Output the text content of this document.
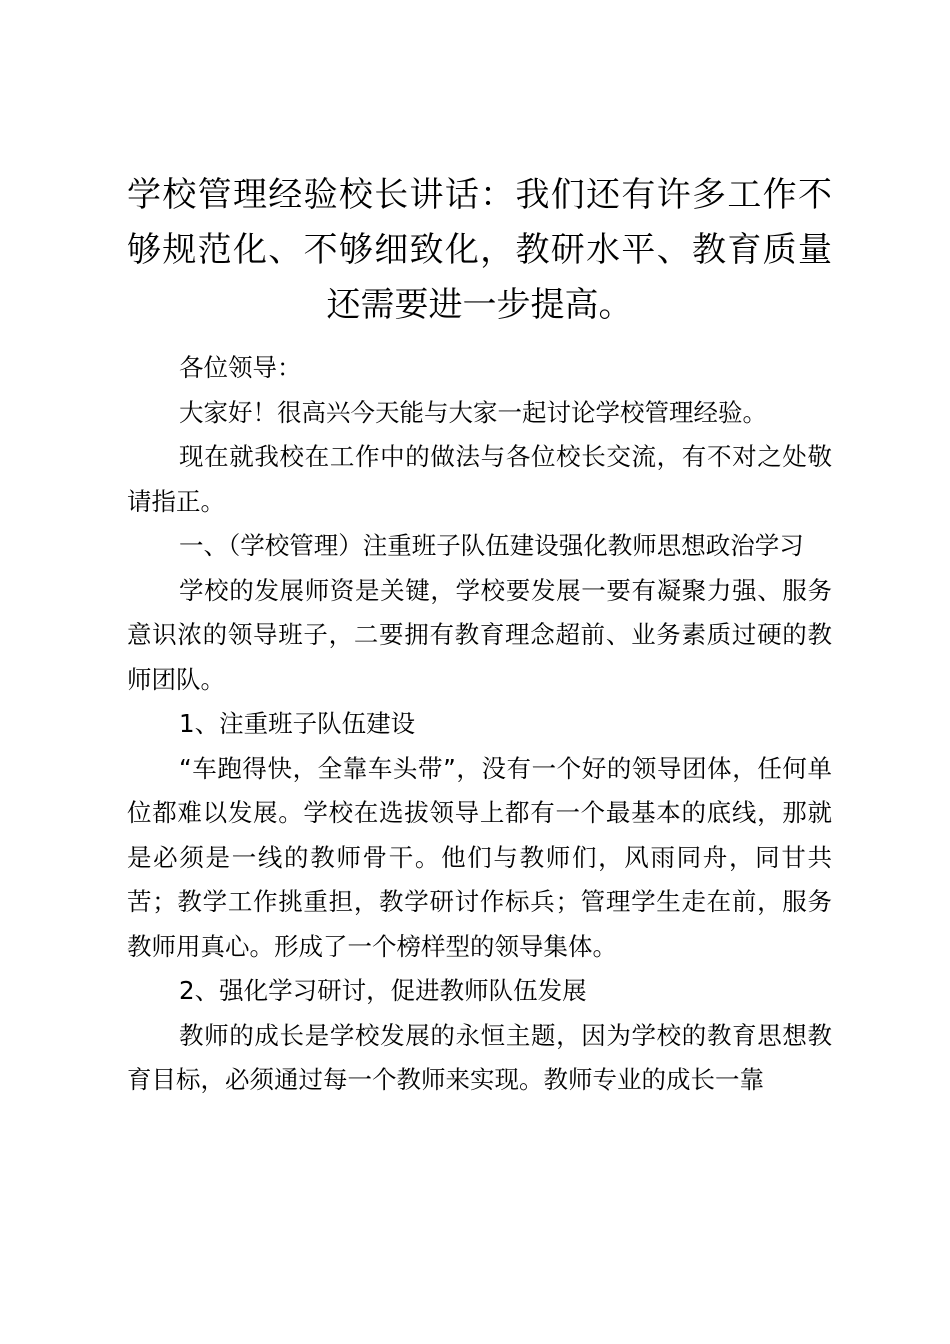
学校管理经验校长讲话：我们还有许多工作不够规范化、不够细致化，教研水平、教育质量还需要进一步提高。

各位领导：

大家好！很高兴今天能与大家一起讨论学校管理经验。

现在就我校在工作中的做法与各位校长交流，有不对之处敬请指正。

一、（学校管理）注重班子队伍建设强化教师思想政治学习

学校的发展师资是关键，学校要发展一要有凝聚力强、服务意识浓的领导班子，二要拥有教育理念超前、业务素质过硬的教师团队。

1、注重班子队伍建设

“车跑得快，全靠车头带”，没有一个好的领导团体，任何单位都难以发展。学校在选拔领导上都有一个最基本的底线，那就是必须是一线的教师骨干。他们与教师们，风雨同舟，同甘共苦；教学工作挑重担，教学研讨作标兵；管理学生走在前，服务教师用真心。形成了一个榜样型的领导集体。

2、强化学习研讨，促进教师队伍发展

教师的成长是学校发展的永恒主题，因为学校的教育思想教育目标，必须通过每一个教师来实现。教师专业的成长一靠
